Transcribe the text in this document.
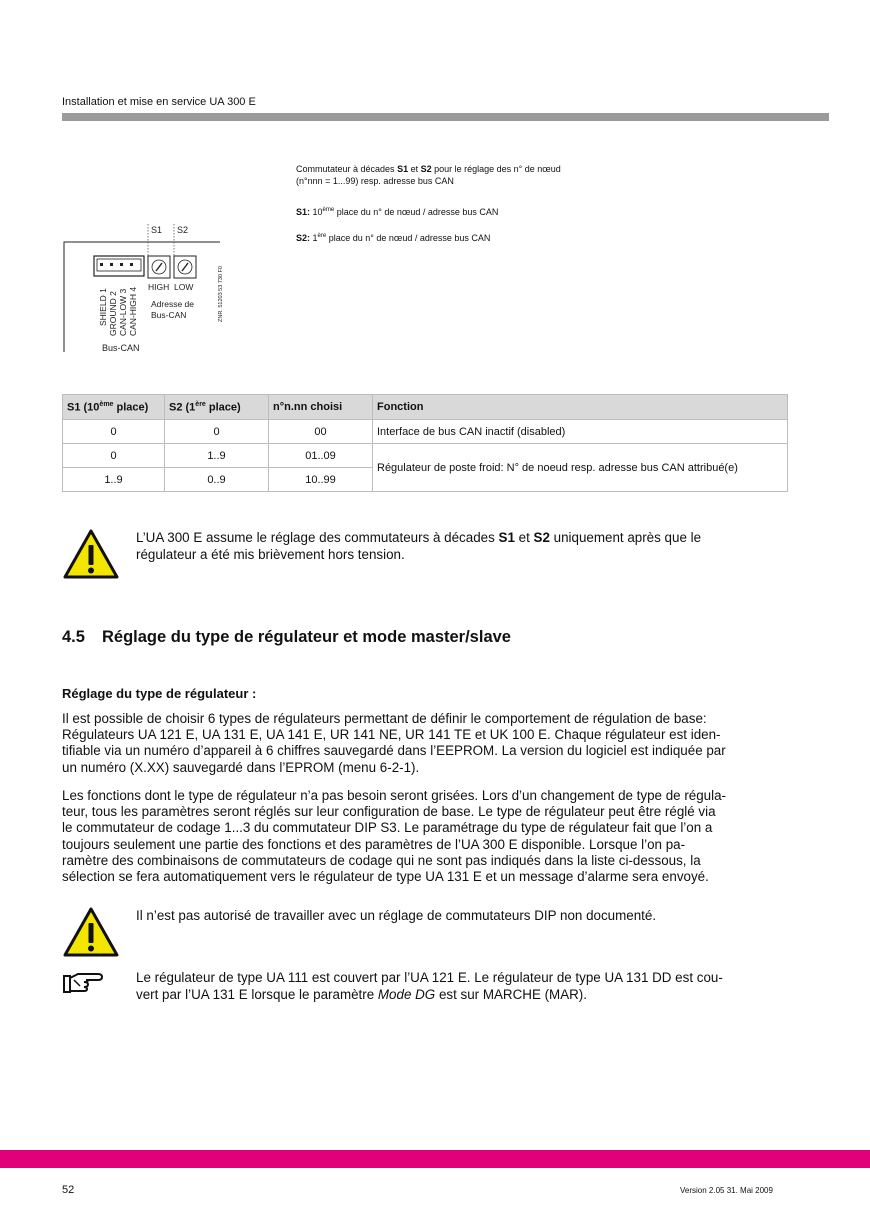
Installation et mise en service UA 300 E
Commutateur à décades S1 et S2 pour le réglage des n° de nœud
(n°nnn = 1...99) resp. adresse bus CAN
S1: 10ème place du n° de nœud / adresse bus CAN
S2: 1ère place du n° de nœud / adresse bus CAN
S1 S2
HIGH LOW
Adresse de
Bus-CAN
SHIELD 1 GROUND 2 CAN-LOW 3 CAN-HIGH 4
Bus-CAN
ZNR. 51203 53 730 F0
S1 (10ème place)	S2 (1ère place)	n°n.nn choisi	Fonction
0	0	00	Interface de bus CAN inactif (disabled)
0	1..9	01..09	Régulateur de poste froid: N° de noeud resp. adresse bus CAN attribué(e)
1..9	0..9	10..99	
L’UA 300 E assume le réglage des commutateurs à décades S1 et S2 uniquement après que le
régulateur a été mis brièvement hors tension.
4.5 Réglage du type de régulateur et mode master/slave
Réglage du type de régulateur :
Il est possible de choisir 6 types de régulateurs permettant de définir le comportement de régulation de base:
Régulateurs UA 121 E, UA 131 E, UA 141 E, UR 141 NE, UR 141 TE et UK 100 E. Chaque régulateur est iden-
tifiable via un numéro d’appareil à 6 chiffres sauvegardé dans l’EEPROM. La version du logiciel est indiquée par
un numéro (X.XX) sauvegardé dans l’EPROM (menu 6-2-1).
Les fonctions dont le type de régulateur n’a pas besoin seront grisées. Lors d’un changement de type de régula-
teur, tous les paramètres seront réglés sur leur configuration de base. Le type de régulateur peut être réglé via
le commutateur de codage 1...3 du commutateur DIP S3. Le paramétrage du type de régulateur fait que l’on a
toujours seulement une partie des fonctions et des paramètres de l’UA 300 E disponible. Lorsque l’on pa-
ramètre des combinaisons de commutateurs de codage qui ne sont pas indiqués dans la liste ci-dessous, la
sélection se fera automatiquement vers le régulateur de type UA 131 E et un message d’alarme sera envoyé.
Il n’est pas autorisé de travailler avec un réglage de commutateurs DIP non documenté.
Le régulateur de type UA 111 est couvert par l’UA 121 E. Le régulateur de type UA 131 DD est cou-
vert par l’UA 131 E lorsque le paramètre Mode DG est sur MARCHE (MAR).
52	Version 2.05 31. Mai 2009
